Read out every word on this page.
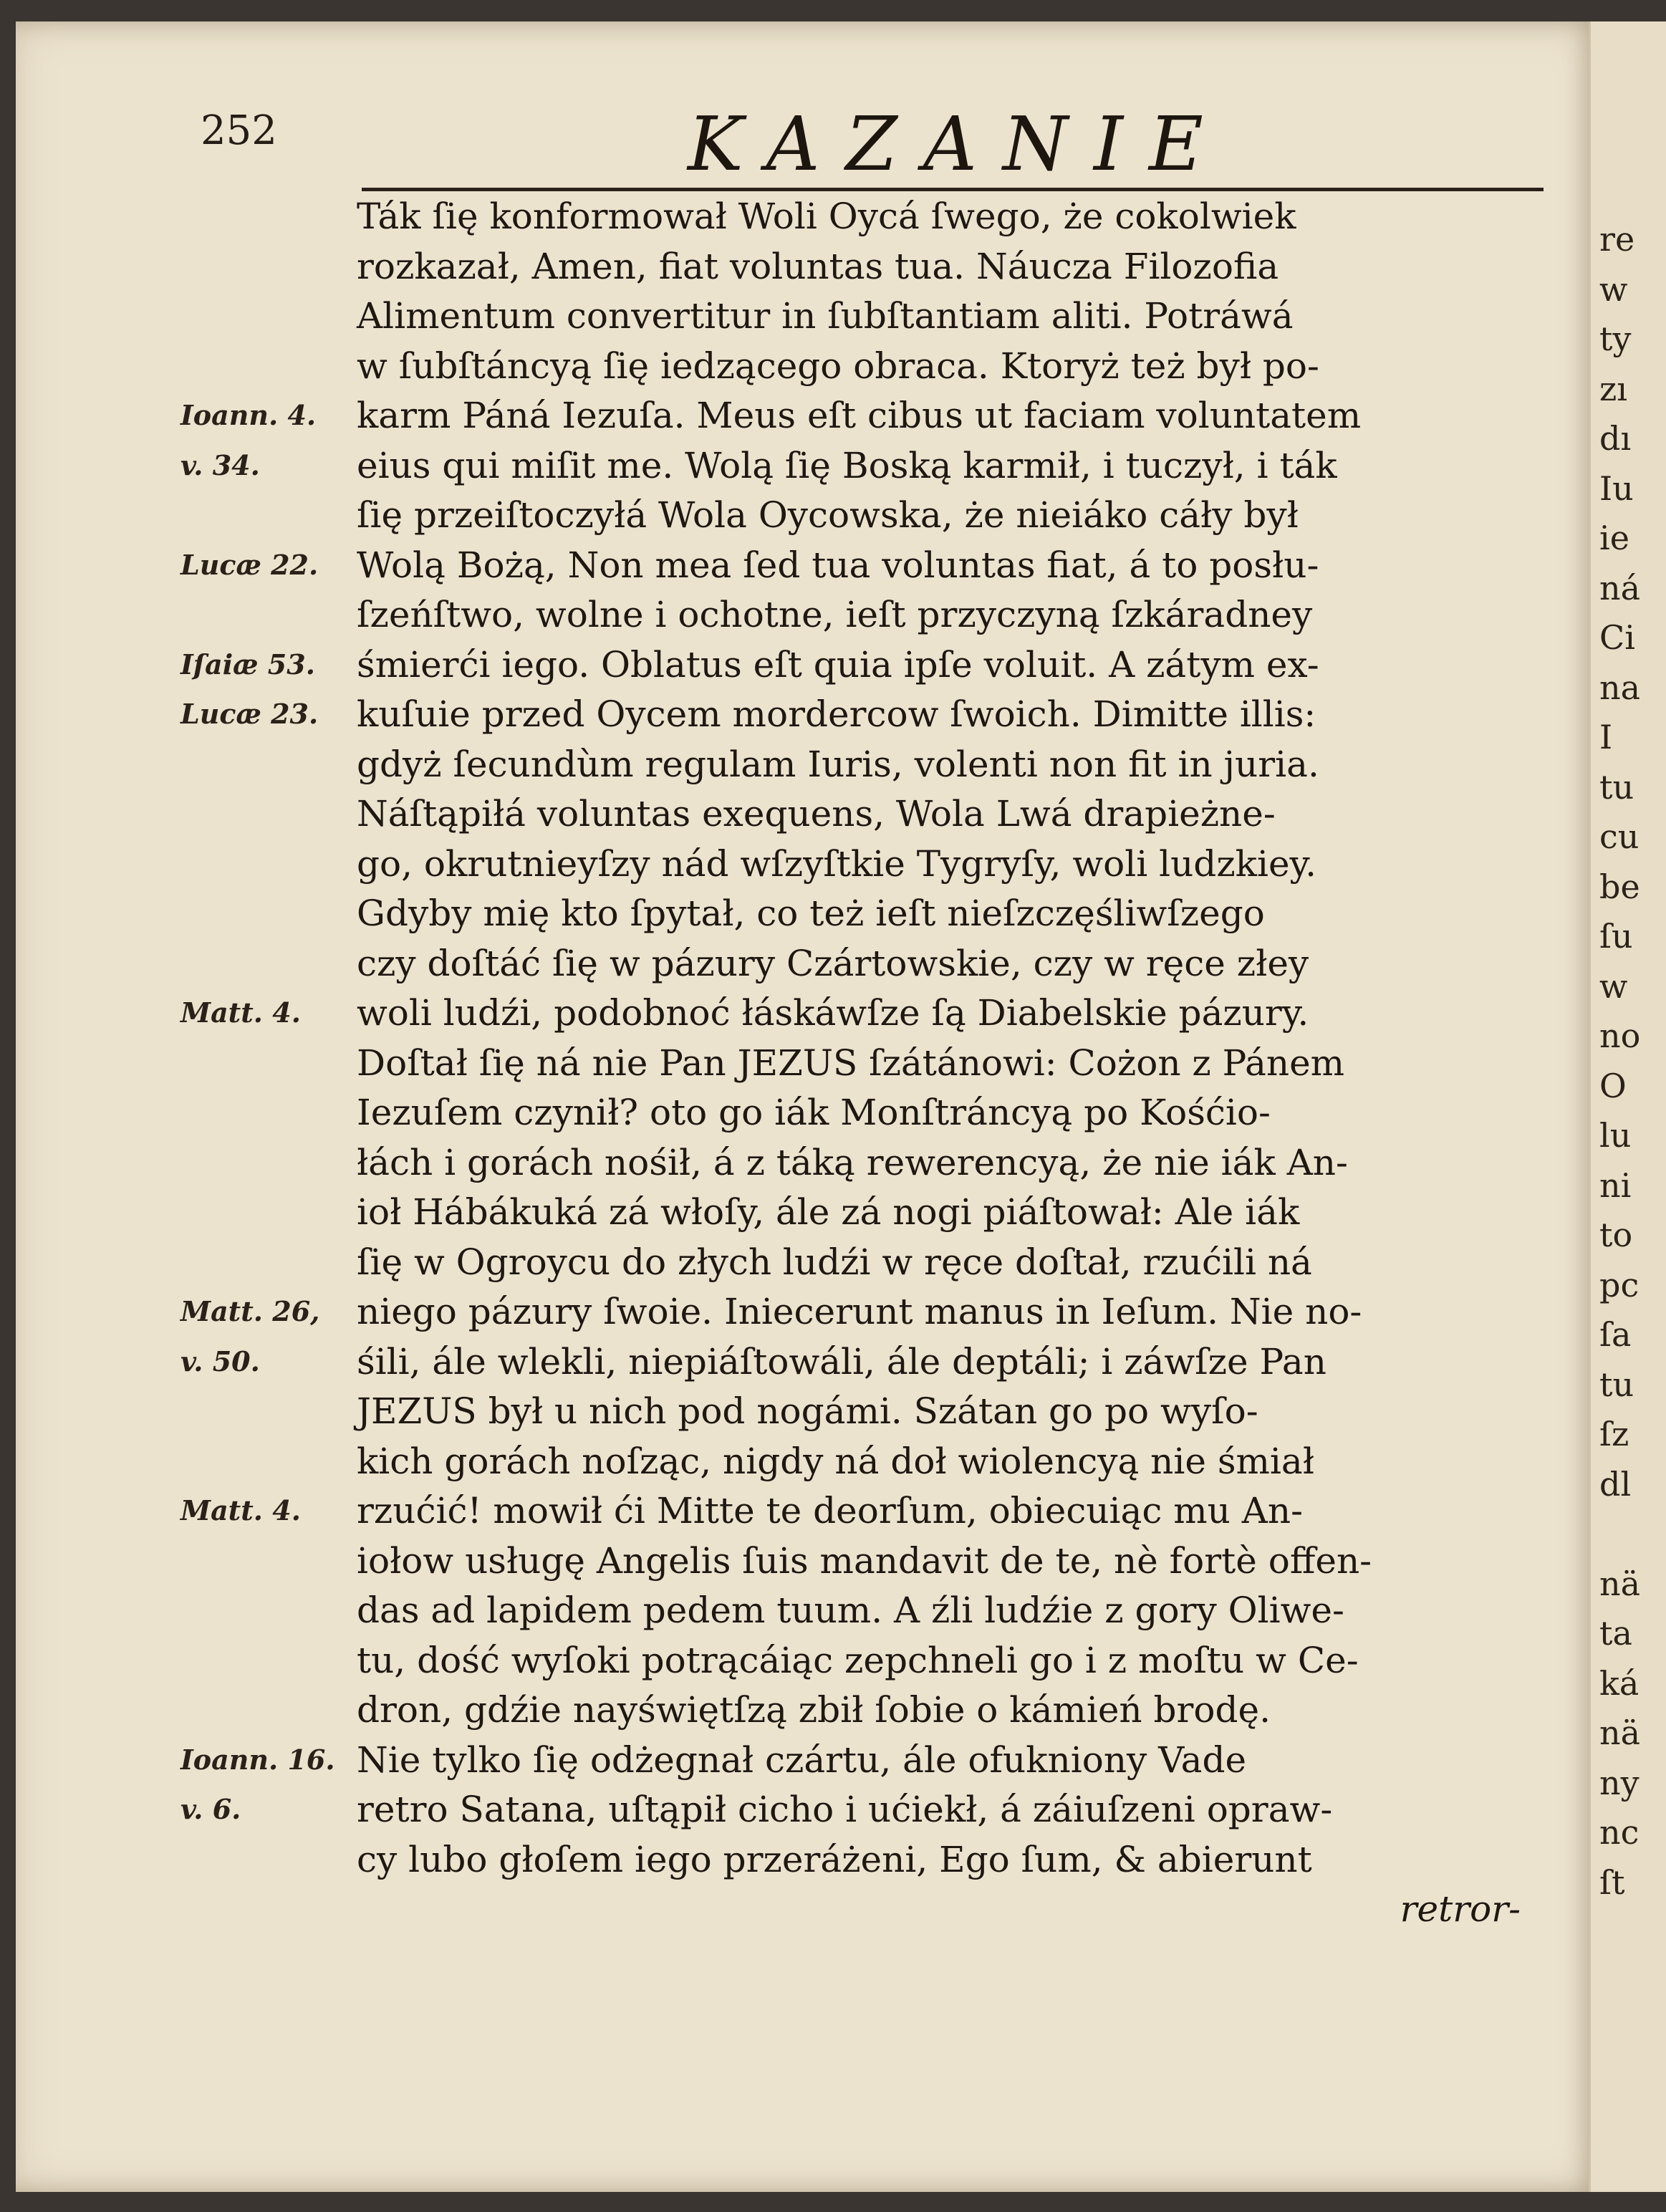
re
w
ty
zı
dı
Iu
ie
ná
Ci
na
I
tu
cu
be
ſu
w
no
O
lu
ni
to
pc
ſa
tu
ſz
dl
nä
ta
ká
nä
ny
nc
ſt
252	KAZANIE
Ták ſię konformował Woli Oycá ſwego, że cokolwiek
rozkazał, Amen, fiat voluntas tua. Náucza Filozofia
Alimentum convertitur in ſubſtantiam aliti. Potráwá
w ſubſtáncyą ſię iedzącego obraca. Ktoryż też był po-
karm Páná Iezuſa. Meus eſt cibus ut faciam voluntatem
eius qui miſit me. Wolą ſię Boską karmił, i tuczył, i ták
ſię przeiſtoczyłá Wola Oycowska, że nieiáko cáły był
Wolą Bożą, Non mea ſed tua voluntas fiat, á to posłu-
ſzeńſtwo, wolne i ochotne, ieſt przyczyną ſzkáradney
śmierći iego. Oblatus eſt quia ipſe voluit. A zátym ex-
kuſuie przed Oycem mordercow ſwoich. Dimitte illis:
gdyż ſecundùm regulam Iuris, volenti non fit in juria.
Náſtąpiłá voluntas exequens, Wola Lwá drapieżne-
go, okrutnieyſzy nád wſzyſtkie Tygryſy, woli ludzkiey.
Gdyby mię kto ſpytał, co też ieſt nieſzczęśliwſzego
czy doſtáć ſię w pázury Czártowskie, czy w ręce złey
woli ludźi, podobnoć łáskáwſze ſą Diabelskie pázury.
Doſtał ſię ná nie Pan JEZUS ſzátánowi: Cożon z Pánem
Iezuſem czynił? oto go iák Monſtráncyą po Kośćio-
łách i gorách nośił, á z táką rewerencyą, że nie iák An-
ioł Hábákuká zá włoſy, ále zá nogi piáſtował: Ale iák
ſię w Ogroycu do złych ludźi w ręce doſtał, rzućili ná
niego pázury ſwoie. Iniecerunt manus in Ieſum. Nie no-
śili, ále wlekli, niepiáſtowáli, ále deptáli; i záwſze Pan
JEZUS był u nich pod nogámi. Szátan go po wyſo-
kich gorách noſząc, nigdy ná doł wiolencyą nie śmiał
rzućić! mowił ći Mitte te deorſum, obiecuiąc mu An-
iołow usługę Angelis ſuis mandavit de te, nè fortè offen-
das ad lapidem pedem tuum. A źli ludźie z gory Oliwe-
tu, dość wyſoki potrącáiąc zepchneli go i z moſtu w Ce-
dron, gdźie nayświętſzą zbił ſobie o kámień brodę.
Nie tylko ſię odżegnał czártu, ále ofukniony Vade
retro Satana, uſtąpił cicho i ućiekł, á záiuſzeni opraw-
cy lubo głoſem iego przeráżeni, Ego ſum, & abierunt
retror-
Ioann. 4.
v. 34.
Lucæ 22.
Iſaiæ 53.
Lucæ 23.
Matt. 4.
Matt. 26,
v. 50.
Matt. 4.
Ioann. 16.
v. 6.
